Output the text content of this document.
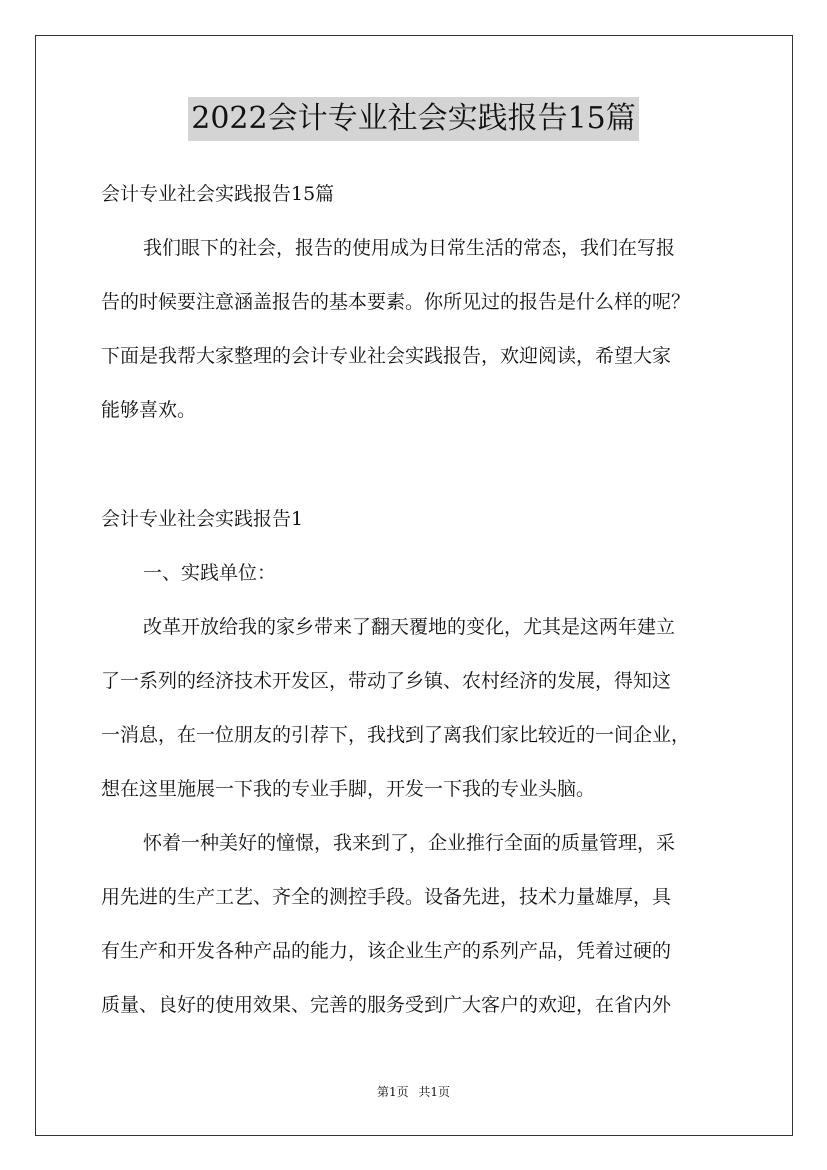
2022会计专业社会实践报告15篇
会计专业社会实践报告15篇
我们眼下的社会，报告的使用成为日常生活的常态，我们在写报
告的时候要注意涵盖报告的基本要素。你所见过的报告是什么样的呢？
下面是我帮大家整理的会计专业社会实践报告，欢迎阅读，希望大家
能够喜欢。
会计专业社会实践报告1
一、实践单位：
改革开放给我的家乡带来了翻天覆地的变化，尤其是这两年建立
了一系列的经济技术开发区，带动了乡镇、农村经济的发展，得知这
一消息，在一位朋友的引荐下，我找到了离我们家比较近的一间企业，
想在这里施展一下我的专业手脚，开发一下我的专业头脑。
怀着一种美好的憧憬，我来到了，企业推行全面的质量管理，采
用先进的生产工艺、齐全的测控手段。设备先进，技术力量雄厚，具
有生产和开发各种产品的能力，该企业生产的系列产品，凭着过硬的
质量、良好的使用效果、完善的服务受到广大客户的欢迎，在省内外
第1页 共1页
